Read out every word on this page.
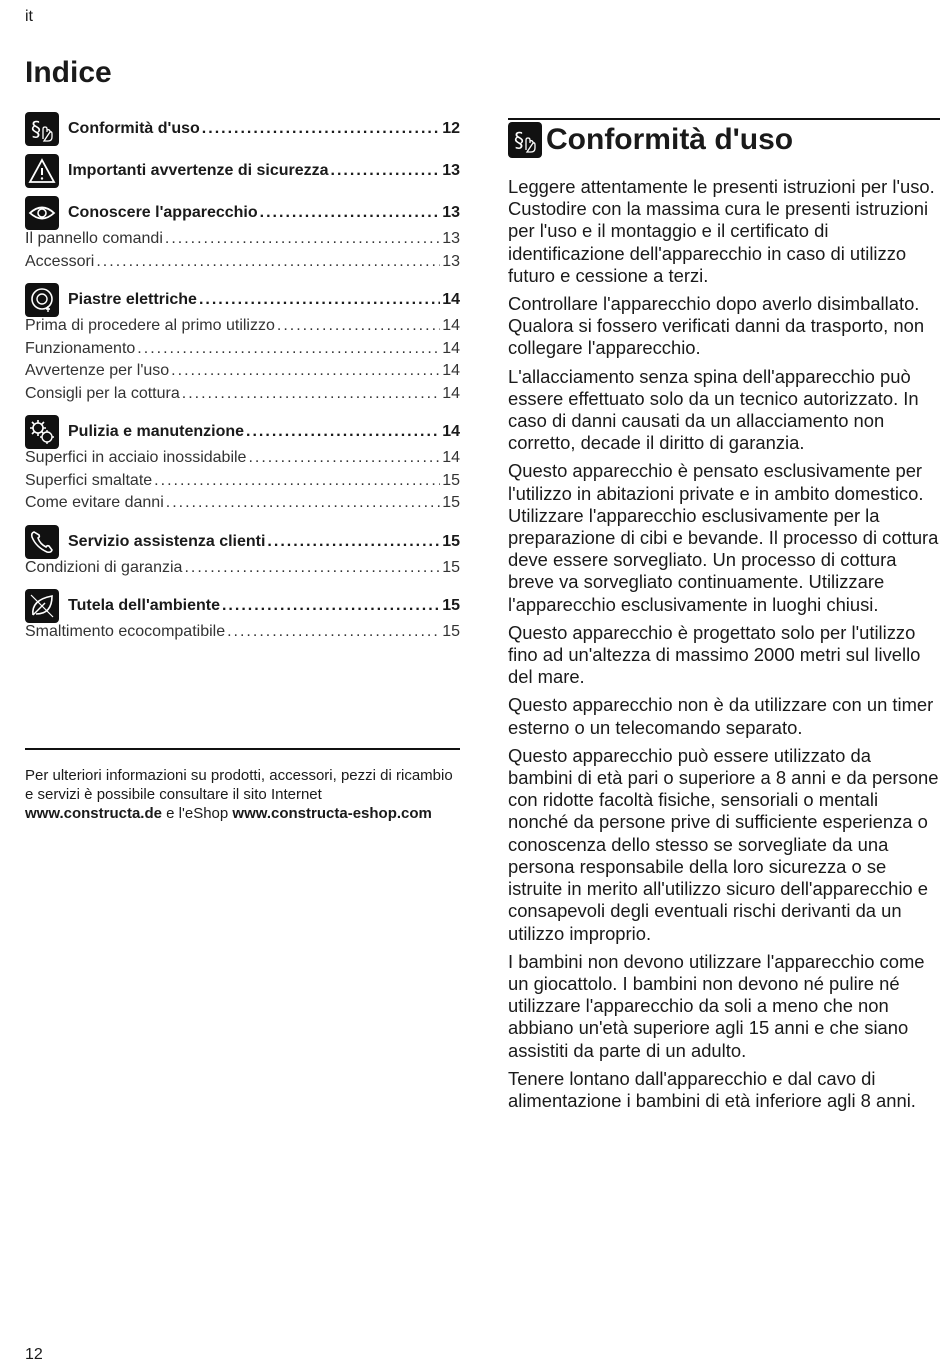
it
Indice
§ Conformità d'uso .....	12
Importanti avvertenze di sicurezza .....	13
Conoscere l'apparecchio .....	13
Il pannello comandi .....	13
Accessori .....	13
Piastre elettriche .....	14
Prima di procedere al primo utilizzo .....	14
Funzionamento .....	14
Avvertenze per l'uso .....	14
Consigli per la cottura .....	14
Pulizia e manutenzione .....	14
Superfici in acciaio inossidabile .....	14
Superfici smaltate .....	15
Come evitare danni .....	15
Servizio assistenza clienti .....	15
Condizioni di garanzia .....	15
Tutela dell'ambiente .....	15
Smaltimento ecocompatibile .....	15
Per ulteriori informazioni su prodotti, accessori, pezzi di ricambio e servizi è possibile consultare il sito Internet www.constructa.de e l'eShop www.constructa-eshop.com
§ Conformità d'uso

Leggere attentamente le presenti istruzioni per l'uso. Custodire con la massima cura le presenti istruzioni per l'uso e il montaggio e il certificato di identificazione dell'apparecchio in caso di utilizzo futuro e cessione a terzi.

Controllare l'apparecchio dopo averlo disimballato. Qualora si fossero verificati danni da trasporto, non collegare l'apparecchio.

L'allacciamento senza spina dell'apparecchio può essere effettuato solo da un tecnico autorizzato. In caso di danni causati da un allacciamento non corretto, decade il diritto di garanzia.

Questo apparecchio è pensato esclusivamente per l'utilizzo in abitazioni private e in ambito domestico. Utilizzare l'apparecchio esclusivamente per la preparazione di cibi e bevande. Il processo di cottura deve essere sorvegliato. Un processo di cottura breve va sorvegliato continuamente. Utilizzare l'apparecchio esclusivamente in luoghi chiusi.

Questo apparecchio è progettato solo per l'utilizzo fino ad un'altezza di massimo 2000 metri sul livello del mare.

Questo apparecchio non è da utilizzare con un timer esterno o un telecomando separato.

Questo apparecchio può essere utilizzato da bambini di età pari o superiore a 8 anni e da persone con ridotte facoltà fisiche, sensoriali o mentali nonché da persone prive di sufficiente esperienza o conoscenza dello stesso se sorvegliate da una persona responsabile della loro sicurezza o se istruite in merito all'utilizzo sicuro dell'apparecchio e consapevoli degli eventuali rischi derivanti da un utilizzo improprio.

I bambini non devono utilizzare l'apparecchio come un giocattolo. I bambini non devono né pulire né utilizzare l'apparecchio da soli a meno che non abbiano un'età superiore agli 15 anni e che siano assistiti da parte di un adulto.

Tenere lontano dall'apparecchio e dal cavo di alimentazione i bambini di età inferiore agli 8 anni.

12
